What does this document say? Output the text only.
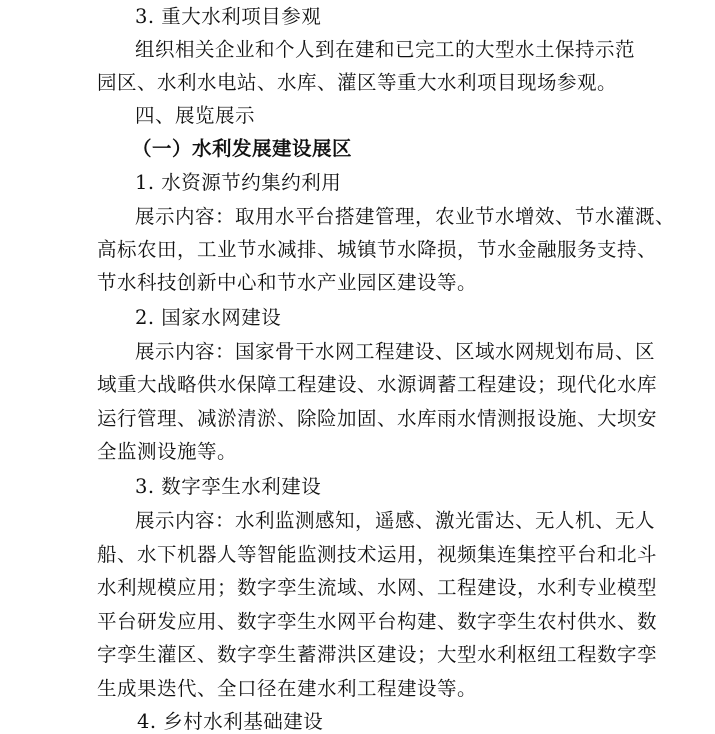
3. 重大水利项目参观
组织相关企业和个人到在建和已完工的大型水土保持示范
园区、水利水电站、水库、灌区等重大水利项目现场参观。
四、展览展示
（一）水利发展建设展区
1. 水资源节约集约利用
展示内容：取用水平台搭建管理，农业节水增效、节水灌溉、
高标农田，工业节水减排、城镇节水降损，节水金融服务支持、
节水科技创新中心和节水产业园区建设等。
2. 国家水网建设
展示内容：国家骨干水网工程建设、区域水网规划布局、区
域重大战略供水保障工程建设、水源调蓄工程建设；现代化水库
运行管理、减淤清淤、除险加固、水库雨水情测报设施、大坝安
全监测设施等。
3. 数字孪生水利建设
展示内容：水利监测感知，遥感、激光雷达、无人机、无人
船、水下机器人等智能监测技术运用，视频集连集控平台和北斗
水利规模应用；数字孪生流域、水网、工程建设，水利专业模型
平台研发应用、数字孪生水网平台构建、数字孪生农村供水、数
字孪生灌区、数字孪生蓄滞洪区建设；大型水利枢纽工程数字孪
生成果迭代、全口径在建水利工程建设等。
4. 乡村水利基础建设
